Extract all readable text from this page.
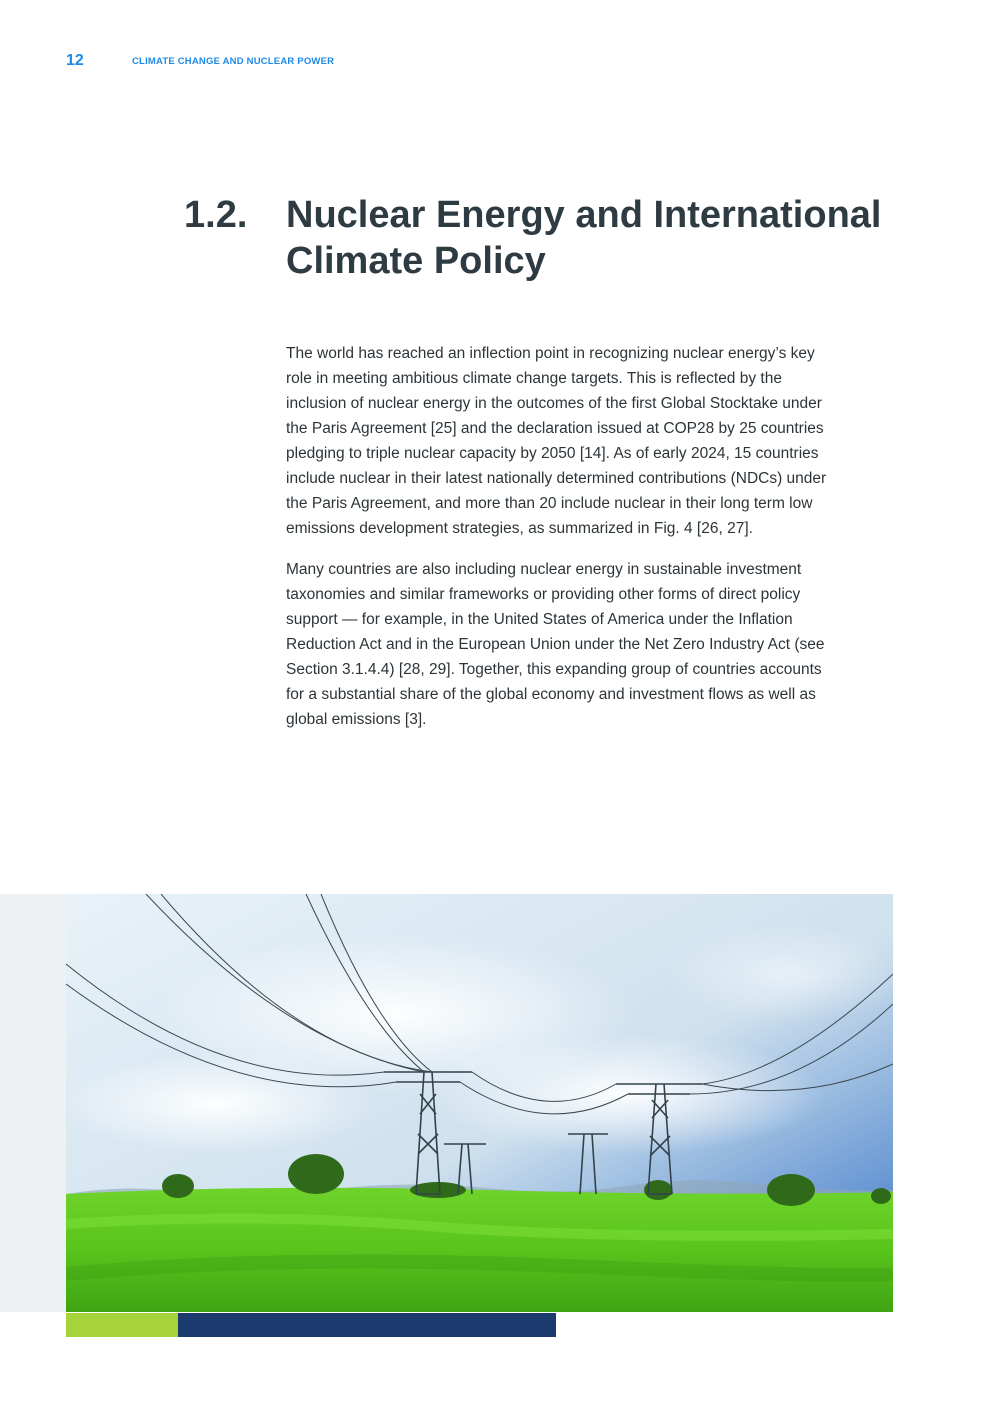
12	CLIMATE CHANGE AND NUCLEAR POWER
1.2. Nuclear Energy and International Climate Policy

The world has reached an inflection point in recognizing nuclear energy’s key role in meeting ambitious climate change targets. This is reflected by the inclusion of nuclear energy in the outcomes of the first Global Stocktake under the Paris Agreement [25] and the declaration issued at COP28 by 25 countries pledging to triple nuclear capacity by 2050 [14]. As of early 2024, 15 countries include nuclear in their latest nationally determined contributions (NDCs) under the Paris Agreement, and more than 20 include nuclear in their long term low emissions development strategies, as summarized in Fig. 4 [26, 27].

Many countries are also including nuclear energy in sustainable investment taxonomies and similar frameworks or providing other forms of direct policy support — for example, in the United States of America under the Inflation Reduction Act and in the European Union under the Net Zero Industry Act (see Section 3.1.4.4) [28, 29]. Together, this expanding group of countries accounts for a substantial share of the global economy and investment flows as well as global emissions [3].
